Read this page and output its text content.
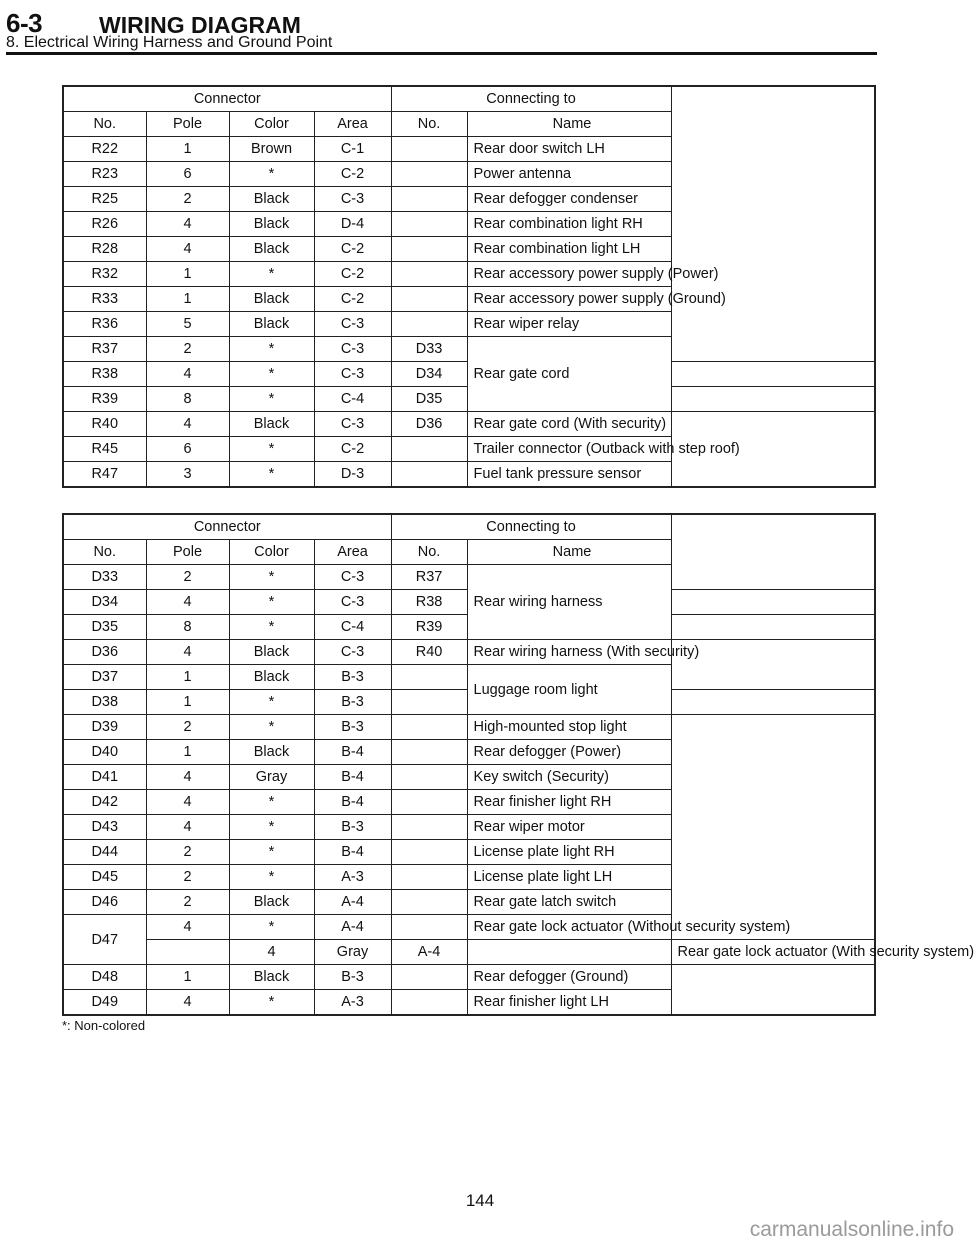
6-3 WIRING DIAGRAM
8. Electrical Wiring Harness and Ground Point
Connector				Connecting to		
No.	Pole	Color	Area	No.	Name	
R22	1	Brown	C-1		Rear door switch LH	
R23	6	*	C-2		Power antenna	
R25	2	Black	C-3		Rear defogger condenser	
R26	4	Black	D-4		Rear combination light RH	
R28	4	Black	C-2		Rear combination light LH	
R32	1	*	C-2		Rear accessory power supply (Power)	
R33	1	Black	C-2		Rear accessory power supply (Ground)	
R36	5	Black	C-3		Rear wiper relay	
R37	2	*	C-3	D33	Rear gate cord	
R38	4	*	C-3	D34		
R39	8	*	C-4	D35		
R40	4	Black	C-3	D36	Rear gate cord (With security)	
R45	6	*	C-2		Trailer connector (Outback with step roof)	
R47	3	*	D-3		Fuel tank pressure sensor	
Connector				Connecting to		
No.	Pole	Color	Area	No.	Name	
D33	2	*	C-3	R37	Rear wiring harness	
D34	4	*	C-3	R38		
D35	8	*	C-4	R39		
D36	4	Black	C-3	R40	Rear wiring harness (With security)	
D37	1	Black	B-3		Luggage room light	
D38	1	*	B-3			
D39	2	*	B-3		High-mounted stop light	
D40	1	Black	B-4		Rear defogger (Power)	
D41	4	Gray	B-4		Key switch (Security)	
D42	4	*	B-4		Rear finisher light RH	
D43	4	*	B-3		Rear wiper motor	
D44	2	*	B-4		License plate light RH	
D45	2	*	A-3		License plate light LH	
D46	2	Black	A-4		Rear gate latch switch	
D47	4	*	A-4		Rear gate lock actuator (Without security system)	
		4	Gray	A-4		Rear gate lock actuator (With security system)
D48	1	Black	B-3		Rear defogger (Ground)	
D49	4	*	A-3		Rear finisher light LH	
*: Non-colored
144
carmanualsonline.info
